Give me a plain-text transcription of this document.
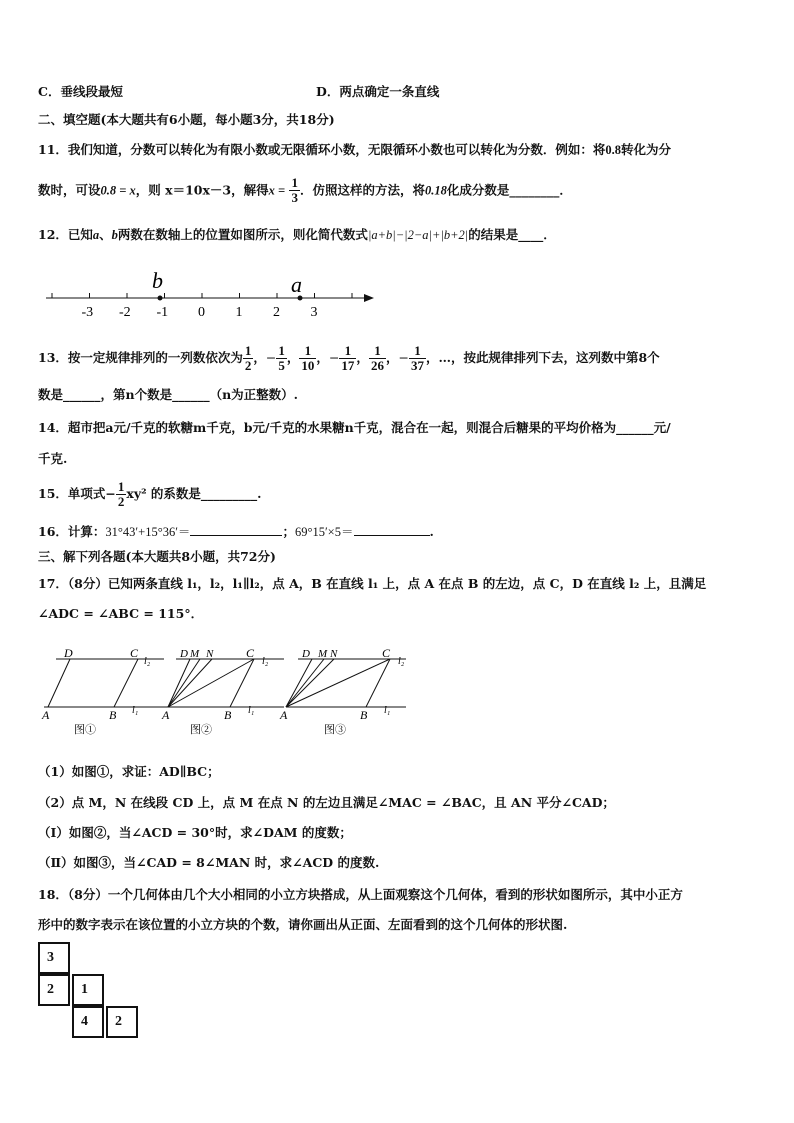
C．垂线段最短	D．两点确定一条直线
二、填空题(本大题共有6小题，每小题3分，共18分)
11．我们知道，分数可以转化为有限小数或无限循环小数，无限循环小数也可以转化为分数．例如：将0.8转化为分
数时，可设0.8 = x，则 x＝10x－3，解得$x = \frac{1}{3}$ ．仿照这样的方法，将0.18化成分数是________．
12．已知a、b两数在数轴上的位置如图所示，则化简代数式|a+b|−|2−a|+|b+2|的结果是____．
-3 -2 -1 0 1 2 3
b	a
13．按一定规律排列的一列数依次为 $\frac{1}{2}$ ，− $\frac{1}{5}$ ， $\frac{1}{10}$ ，− $\frac{1}{17}$ ， $\frac{1}{26}$ ，− $\frac{1}{37}$ ，…，按此规律排列下去，这列数中第8个
数是______，第n个数是______（n为正整数）.
14．超市把a元/千克的软糖m千克，b元/千克的水果糖n千克，混合在一起，则混合后糖果的平均价格为______元/
千克.
15．单项式− $\frac{1}{2} xy^2$ 的系数是_________.
16．计算：31°43′+15°36′＝	；69°15′×5＝	.
三、解下列各题(本大题共8小题，共72分)
17．（8分）已知两条直线 l₁，l₂，l₁∥l₂，点 A，B 在直线 l₁ 上，点 A 在点 B 的左边，点 C，D 在直线 l₂ 上，且满足
∠ADC = ∠ABC = 115°．
D	C
l₂
A	B l₁
图①
D M N	C
l₂
A	B l₁
图②
D M N	C
l₂
A	B l₁
图③
（1）如图①，求证：AD∥BC；
（2）点 M，N 在线段 CD 上，点 M 在点 N 的左边且满足∠MAC = ∠BAC，且 AN 平分∠CAD；
（Ⅰ）如图②，当∠ACD = 30°时，求∠DAM 的度数；
（Ⅱ）如图③，当∠CAD = 8∠MAN 时，求∠ACD 的度数.
18．（8分）一个几何体由几个大小相同的小立方块搭成，从上面观察这个几何体，看到的形状如图所示，其中小正方
形中的数字表示在该位置的小立方块的个数，请你画出从正面、左面看到的这个几何体的形状图.
3
2	1
4	2
